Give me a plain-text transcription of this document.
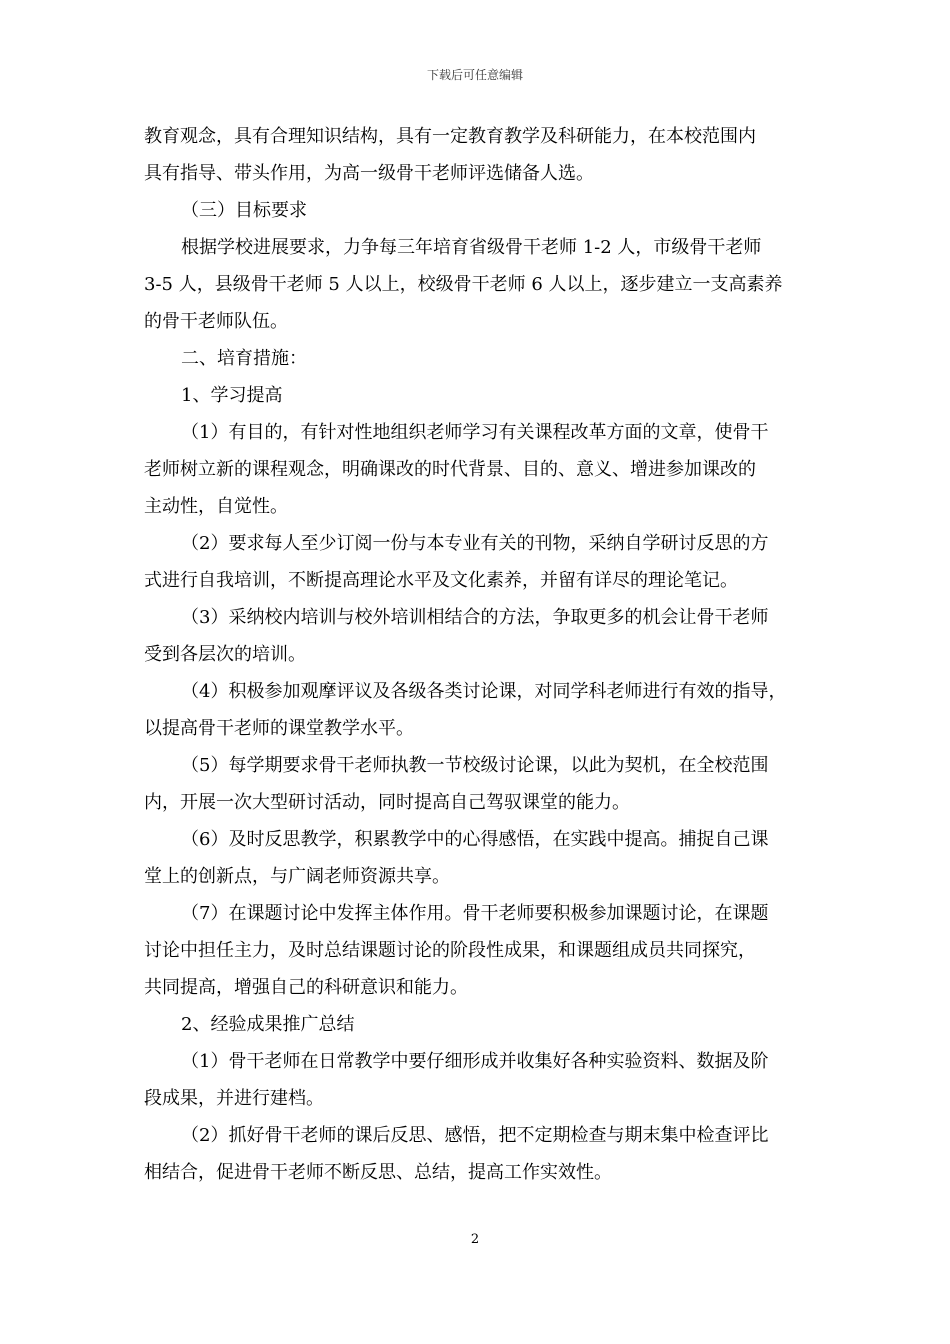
下载后可任意编辑
教育观念，具有合理知识结构，具有一定教育教学及科研能力，在本校范围内
具有指导、带头作用，为高一级骨干老师评选储备人选。
（三）目标要求
根据学校进展要求，力争每三年培育省级骨干老师 1-2 人，市级骨干老师
3-5 人，县级骨干老师 5 人以上，校级骨干老师 6 人以上，逐步建立一支高素养
的骨干老师队伍。
二、培育措施：
1、学习提高
（1）有目的，有针对性地组织老师学习有关课程改革方面的文章，使骨干
老师树立新的课程观念，明确课改的时代背景、目的、意义、增进参加课改的
主动性，自觉性。
（2）要求每人至少订阅一份与本专业有关的刊物，采纳自学研讨反思的方
式进行自我培训，不断提高理论水平及文化素养，并留有详尽的理论笔记。
（3）采纳校内培训与校外培训相结合的方法，争取更多的机会让骨干老师
受到各层次的培训。
（4）积极参加观摩评议及各级各类讨论课，对同学科老师进行有效的指导，
以提高骨干老师的课堂教学水平。
（5）每学期要求骨干老师执教一节校级讨论课，以此为契机，在全校范围
内，开展一次大型研讨活动，同时提高自己驾驭课堂的能力。
（6）及时反思教学，积累教学中的心得感悟，在实践中提高。捕捉自己课
堂上的创新点，与广阔老师资源共享。
（7）在课题讨论中发挥主体作用。骨干老师要积极参加课题讨论，在课题
讨论中担任主力，及时总结课题讨论的阶段性成果，和课题组成员共同探究，
共同提高，增强自己的科研意识和能力。
2、经验成果推广总结
（1）骨干老师在日常教学中要仔细形成并收集好各种实验资料、数据及阶
段成果，并进行建档。
（2）抓好骨干老师的课后反思、感悟，把不定期检查与期末集中检查评比
相结合，促进骨干老师不断反思、总结，提高工作实效性。
2
